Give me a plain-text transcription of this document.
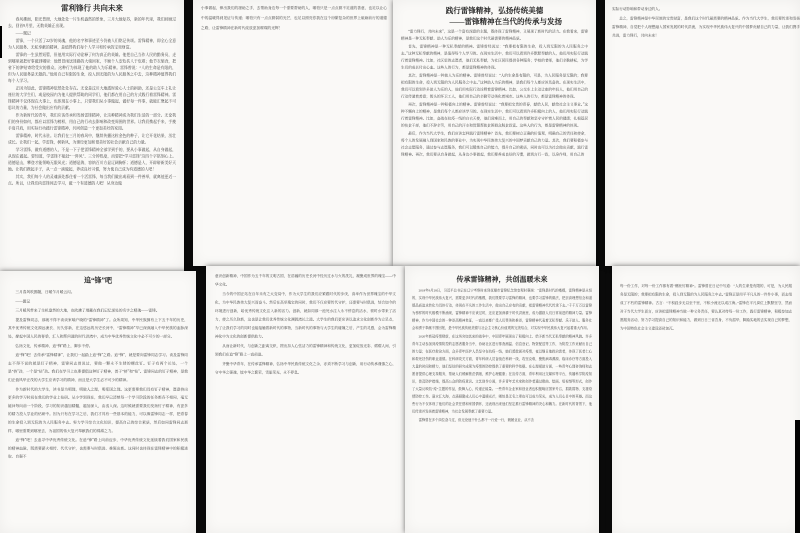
雷利锋行 共向未来

春风拂面，阳光普照，大地处处一片生机盎然的景象，三月大地复苏，新的年代里，我们回顾过去，回首9月里，无数英雄正出现。

——题记

雷锋，一个只活了22岁的英魂，他的名字和事迹至今仍被人们铭记传颂。雷锋精神，即全心全意为人民服务、无私奉献的精神，是值得我们每个人学习和传承的宝贵财富。

雷锋的一生虽然短暂，但他用实际行动诠释了何为真正的英雄。他把自己当作人民的勤务员，走到哪里就把好事做到哪里：他曾冒雨送迷路的大娘回家，不顾个人安危扶人于危难；他节衣缩食，把省下的津贴寄给受灾的群众。这种行为体现了他的助人为乐精神。雷锋曾说：“人的生命是有限的，但为人民服务是无限的。”他用自己有限的生命，投入到无限的为人民服务之中去，这种精神值得我们每个人学习。

正因为如此，雷锋精神依然处处存在。无论是汶川大地震时爱心人士的捐助，还是公交车上礼让座位的大学生们，或是校园内为他人提供帮助的同学们，他们都在用自己的方式践行着雷锋精神。雷锋精神不仅体现在大事上，也体现在小事上，只要我们从小事做起，做好每一件事，就能汇聚起不可思议的力量，为社会做出应有的贡献。

作为新时代的青年，我们应该传承和发扬雷锋精神，让这种精神成为我们生活的一部分。无论我们的身份如何，都应以雷锋为榜样，用自己的行动去影响和改变周围的世界。让我们携起手来，手挽手肩并肩，用实际行动践行雷锋精神，共同创造一个更加美好的家园。

雷锋精神，时代永驻。让我们在三月的春风中，继续传播这粒金色的种子，让它开花结果，茁壮成长。让我们一起，学雷锋，树新风，为建设更加和谐美好的社会贡献自己的力量。

学习雷锋，做有道德的人，不是一下子把雷锋精神全部学到手的，要从小事做起，从自身做起，从现在做起。要知道，学雷锋不能赶“一阵风”、三分钟热度，而要把“学习雷锋”这四个字铭刻心上。道德是山，攀登才能领略无限风光；道德是海，容纳百川方显辽阔胸怀；道德是人，开辟崭新美好天地。让我们携起手子，从一点一滴做起，养成良好习惯，努力使自己成为有道德的人吧！

其实，我们每个人的灵魂深处都住着一个活雷锋，每当我们做出或看到一件善举，就离他更近一点。所以，让我们向雷锋同志学习，做一个有道德的人吧！从身边做

小事做起，伸出我们的援助之手，去帮助身边每一个需要帮助的人，哪怕只是一点点微不足道的善意，也足以让心中的温暖得到见证与传递；哪怕只有一点点微弱的光芒，也足以照亮你我在这个纷繁复杂的世界上砥砺前行的道德之路，让雷锋精神在新时代绽放更加璀璨的光辉！

践行雷锋精神，弘扬传统美德
——雷锋精神在当代的传承与发扬

“雷力锋行，共向未来”，这是一个富有深意的主题，既体现了雷锋精神，又展现了新时代的活力。在我看来，雷锋精神是一种无私奉献、助人为乐的精神，是我们这个时代最需要的精神品质。

首先，雷锋精神是一种无私奉献的精神。雷锋曾经说过：“我要把有限的生命，投入到无限的为人民服务之中去。”这种无私奉献的精神，是值得每个人学习的。在现实生活中，我们可以看到许多默默奉献的人，他们用实际行动践行着雷锋精神。比如，社区里的志愿者，他们无私奉献，为社区居民提供各种服务；学校的老师，他们辛勤耕耘，为学生们的成长付出心血。这些人的行为，都是雷锋精神的体现。

其次，雷锋精神是一种助人为乐的精神。雷锋曾经说过：“人的生命是有限的，可是，为人民服务是无限的；我要把有限的生命，投入到无限的为人民服务之中去。”这种助人为乐的精神，是我们每个人都应该具备的。在现实生活中，我们可以看到许多助人为乐的人，他们用实际行动诠释着雷锋精神。比如，公交车上主动让座的年轻人，他们用自己的行动传递着善意；街头的环卫工人，他们用自己的辛勤劳动美化着城市。这些人的行为，都是雷锋精神的体现。

再次，雷锋精神是一种积极向上的精神。雷锋曾经说过：“我要把宝贵的青春，献给人民，献给社会主义事业。”这种不懈向上的精神，是我们每个人都应该学习的。在现实生活中，我们可以看到许多积极向上的人，他们用实际行动践行着雷锋精神。比如，奋战在抗疫一线的白衣天使，他们迎难而上，用自己的奉献和坚守守护着人民的健康；扎根基层的扶贫干部，他们不辞辛劳，用自己的汗水和智慧帮助贫困群众脱贫致富。这些人的行为，都是雷锋精神的体现。

最后，作为当代大学生，我们应该怎样践行雷锋精神？首先，我们要树立正确的价值观，明确自己的责任和使命，将个人的发展融入到国家和民族的事业中，为实现中华民族伟大复兴的中国梦贡献自己的力量。其次，我们要积极参与社会志愿服务，通过参与志愿服务，我们可以锻炼自己的能力，提升自己的素质，同时也可以为社会做出贡献，践行雷锋精神。再次，我们要从自身做起，从身边小事做起，我们要养成良好的习惯，做到言行一致，以身作则，用自己的

实际行动影响和带动身边的人。

总之，雷锋精神是中华民族的宝贵财富，是我们这个时代最需要的精神品质。作为当代大学生，我们要传承和发扬雷锋精神，自觉把个人理想融入国家发展的时代洪流，为实现中华民族伟大复兴的中国梦贡献自己的力量，让我们携手共进，雷力锋行，共向未来！

追“锋”吧

三月春风吹拂随，日暖乍月暖云闪。

——题记

三月暖风带来了生机盎然的大地，也吹拂了埋藏在我们记忆深处的名字之精魂——雷锋。

提及雷锋同志，那就不得不谈谈家喻户晓的“雷锋精神”了。众所周知，中华民族拥有上下五千年的历史，其中优秀传统文化源远流长、历久弥新，在这悠远的历史长河中，“雷锋精神”早已深深融入中华民族的血脉深处，撑起中国人民的脊梁，汇入和辉问道的时代洪流中，成为中华优秀传统文化中必不可少的一部分。

弘扬文化，传承精神，追“锋”路上，脚步不停。

追“锋”吧！去传承“雷锋精神”，让我们一起踏上追“锋”之路。追“锋”，就是要向雷锋同志学习。谈及雷锋同志不得不说的就是钉子精神，雷锋同志曾说过，要做一颗永不生锈的螺丝钉。钉子有两个长处，一个是“挤”劲，一个是“钻”劲。我们在学习上也要提倡这种钉子精神，善于“挤”和“钻”。雷锋同志的钉子精神，是我们正值风华正茂的大学生应该学习的精神，而且是大学生必不可少的精神。

作为新时代的大学生，读书是为明理，明做人之理，明报国之理。这更需要我们具有钉子精神，愿意挤出更多的学习时间在我们的学业上钻研。从小学到现在，我们早已清楚每一个学习阶段的任务都各不相同，毫无疑问每向前一个阶段，学习的知识越加精髓，越加深入，由浅入深。这时候就需要我们发扬钉子精神，有更多的精力投入学业的钻研中。因为只有在学习之后，我们才具有一些基本的能力，可以像雷锋同志一样，把青春的生命投入到无际的为人民服务中去。努力学习综合文化知识，提高自己的综合素质，然后如同雷锋同志那样，哪里需要到哪里去，为祖国的伟大复兴奉献我们的绵薄之力。

追“锋”吧！去追寻中华优秀传统文化。在追“锋”路上向前迈步，中华优秀传统文化延续着我们国家和民族的精神血脉，既需要薪火相传、代代守护，也需要与时俱进、推陈出新。这同时也体现在雷锋精神中的积极进取、自强不

意识创新精神，中国作为五千年的文明古国，在浩瀚的历史长河中经历过水与火的洗礼，凝聚成世界的瑰宝——中华文化。

当今的中国正站在百年未有之大变局中，作为大学生的我们应紧跟时代的步伐，高举作为世界瑰宝的中华文化，为中华民族伟大复兴而奋斗。然后在高举瑰宝的同时，我们不仅应要传代守护，还需要与时俱进，结合如今的环境进行创新，给优秀传统文化注入新的活力。创新，就如同那一池死水注入永不停息的活水，顿时水带来了活力，使之历久弥新，这也是让我们优秀传统文化渊源流长之道。大学生的我们更应该以追求文化创新作为立足点，为了让我们学习的同时也能接触着新时代的事物，当新时代的事物与大学生的碰撞之后，产生的灵感，会为雷锋精神化中为文化的创新提供助力。

从而让新时代，与创新之距离交织，擦出扣人心弦活力的雷锋精神和传统文化，更加绽放光彩、熠熠人间，引领我们在追“锋”路上一直前进。

齐聚中华青年，在传承雷锋精神，弘扬中华民族传统文化之余，亦须不断学习与创新，用行动传承谨慎之心，守中华之强魂，续中华之繁荣，雪耻荣光，永不停息。

传承雷锋精神，共创温暖未来

2018年9月28日，习近平总书记在辽宁考察时来到抚顺市雷锋纪念馆参观时强调：“雷锋是时代的楷模，雷锋精神是永恒的，实现中华民族伟大复兴，需要更多时代的楷模，我们既要学习雷锋的精神，也要学习雷锋的做法，把崇高理想信念和道德品质追求转化为具体行动，体现在平凡的工作生活中，做出自己应有的贡献，把雷锋精神代代传承下去。”千千万万以雷锋为榜样的时代楷模不断涌现，雷锋精神不应该过时，还应更加深耕于时代洪流里，成为激励人们日常前进的精神力量。雷锋精神，作为中国社会的一种崇高精神象征，一直以来都广受人们赞美和推崇，雷锋精神代表着无私奉献、乐于助人、服务社会和勇于奉献不图回报，是中华民族传统美德与社会主义核心价值观的完美结合，对实现中华民族伟大复兴起着重大作用。

2020年新冠疫情肆虐，在这场突如其来的战争中，中国青年展现出了积极向上、给予新当代无私奉献的精神风貌。许多青年主动参加到疫情防控的志愿者服务当中，协助社区进行排查测温、信息登记、物资配送等工作，为防控工作贡献出自己的力量；在医疗救治方面，众多青年医护人员坚守在抗疫一线，她们勇敢面对疫情，夜以继日地救治患者，体现了医者仁心和救死扶伤的职业道德。在科研攻关方面，青年科研人员奋战在科研一线，攻坚克难，聚焦病毒溯源、临床诊疗等方面投入大量的时间和精力，他们坚信的研究成果为疫情的防控提供了重要的科学依据。在心理援助方面，一些青年心理咨询师和志愿者提供心理支持服务，帮助人们缓解焦虑情绪，维护心理健康；在宣传方面，青年利用社交媒体等平台，传播科学防疫知识，普及防护措施，提高公众的防疫意识。文艺创作方面，许多青年艺术家和创作者通过歌曲、绘画、短视频等形式，创作了大量反映抗“疫”主题的作品，鼓舞人心，传递正能量。一些青年企业家和创业者也积极响应国家号召，捐款捐物、支援疫情防控工作。滴水汇大海，点滴凝聚成人们心中温暖光芒，哪怕是无名之辈也可以成为荣光，成为人们心目中的英雄。而这些行为不仅体现了他们的社会责任感和家国情怀，还表现出来他们坚定推行雷锋精神的决心和魄力。在新时代的背景下，他们传承并发扬着雷锋精神，为社会发展奉献了重要力量。

雷锋曾在多个岗位奋斗过，但无论他干什么都干一行爱一行，兢兢业业，从不含

每一份工作，对每一份工作都有着“螺丝钉精神”。雷锋曾在日记中写道：“人的生命是有限的，可是，为人民服务是无限的；我要把有限的生命，投入到无限的为人民服务之中去。”雷锋正是用平平凡凡的一件件小事，而去组成了不朽的雷锋精神。古言：“不积跬步无以至千里，不积小流无以成江海。”雷锋在平凡岗位上默默坚守，然而对于当代大学生而言，应该把雷锋精神当做一种义务责任，要认真对待每一份工作，践行雷锋精神，积极参加志愿服务活动，努力学习提高自己的知识和能力，做到日日三省吾身，不负韶华，脚踏实地的去实现自己的梦想，为中国特色社会主义建设添砖加瓦。
